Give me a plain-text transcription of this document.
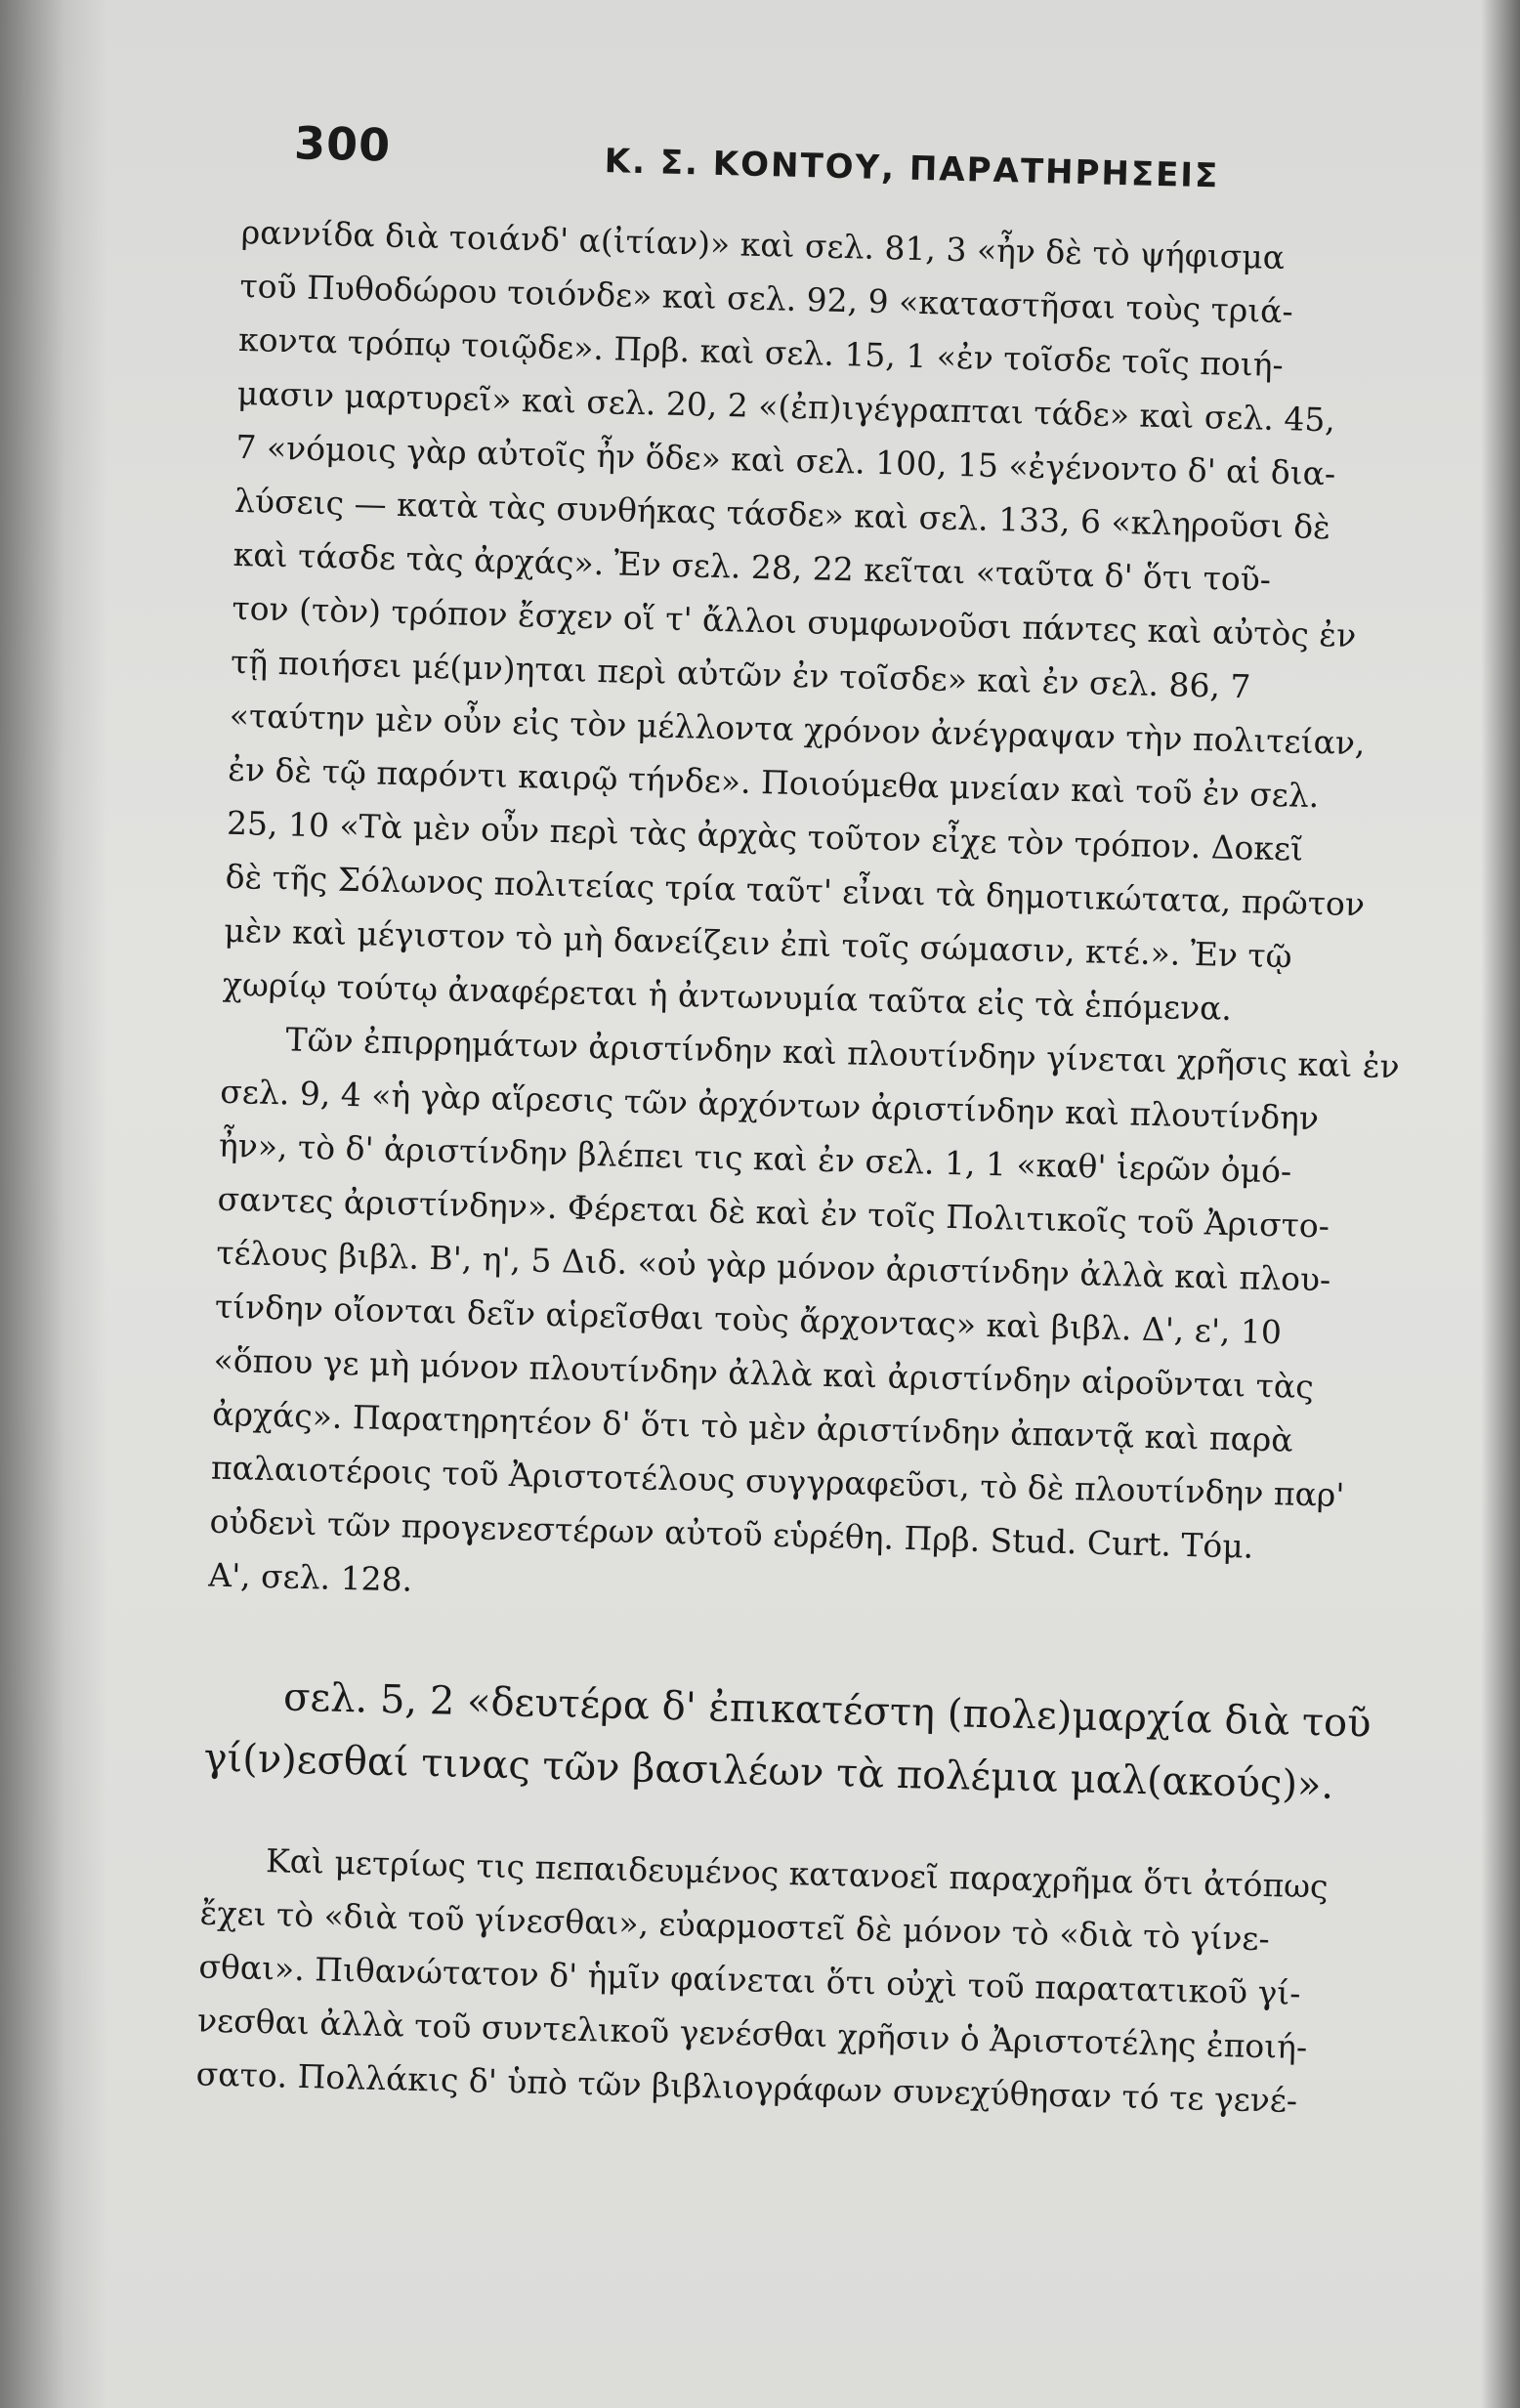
300	Κ. Σ. ΚΟΝΤΟΥ, ΠΑΡΑΤΗΡΗΣΕΙΣ

ραννίδα διὰ τοιάνδ' α(ἰτίαν)» καὶ σελ. 81, 3 «ἦν δὲ τὸ ψήφισμα
τοῦ Πυθοδώρου τοιόνδε» καὶ σελ. 92, 9 «καταστῆσαι τοὺς τριά-
κοντα τρόπῳ τοιῷδε». Πρβ. καὶ σελ. 15, 1 «ἐν τοῖσδε τοῖς ποιή-
μασιν μαρτυρεῖ» καὶ σελ. 20, 2 «(ἐπ)ιγέγραπται τάδε» καὶ σελ. 45,
7 «νόμοις γὰρ αὐτοῖς ἦν ὅδε» καὶ σελ. 100, 15 «ἐγένοντο δ' αἱ δια-
λύσεις — κατὰ τὰς συνθήκας τάσδε» καὶ σελ. 133, 6 «κληροῦσι δὲ
καὶ τάσδε τὰς ἀρχάς». Ἐν σελ. 28, 22 κεῖται «ταῦτα δ' ὅτι τοῦ-
τον (τὸν) τρόπον ἔσχεν οἵ τ' ἄλλοι συμφωνοῦσι πάντες καὶ αὐτὸς ἐν
τῇ ποιήσει μέ(μν)ηται περὶ αὐτῶν ἐν τοῖσδε» καὶ ἐν σελ. 86, 7
«ταύτην μὲν οὖν εἰς τὸν μέλλοντα χρόνον ἀνέγραψαν τὴν πολιτείαν,
ἐν δὲ τῷ παρόντι καιρῷ τήνδε». Ποιούμεθα μνείαν καὶ τοῦ ἐν σελ.
25, 10 «Τὰ μὲν οὖν περὶ τὰς ἀρχὰς τοῦτον εἶχε τὸν τρόπον. Δοκεῖ
δὲ τῆς Σόλωνος πολιτείας τρία ταῦτ' εἶναι τὰ δημοτικώτατα, πρῶτον
μὲν καὶ μέγιστον τὸ μὴ δανείζειν ἐπὶ τοῖς σώμασιν, κτέ.». Ἐν τῷ
χωρίῳ τούτῳ ἀναφέρεται ἡ ἀντωνυμία ταῦτα εἰς τὰ ἑπόμενα.
  Τῶν ἐπιρρημάτων ἀριστίνδην καὶ πλουτίνδην γίνεται χρῆσις καὶ ἐν
σελ. 9, 4 «ἡ γὰρ αἵρεσις τῶν ἀρχόντων ἀριστίνδην καὶ πλουτίνδην
ἦν», τὸ δ' ἀριστίνδην βλέπει τις καὶ ἐν σελ. 1, 1 «καθ' ἱερῶν ὀμό-
σαντες ἀριστίνδην». Φέρεται δὲ καὶ ἐν τοῖς Πολιτικοῖς τοῦ Ἀριστο-
τέλους βιβλ. Β', η', 5 Διδ. «οὐ γὰρ μόνον ἀριστίνδην ἀλλὰ καὶ πλου-
τίνδην οἴονται δεῖν αἱρεῖσθαι τοὺς ἄρχοντας» καὶ βιβλ. Δ', ε', 10
«ὅπου γε μὴ μόνον πλουτίνδην ἀλλὰ καὶ ἀριστίνδην αἱροῦνται τὰς
ἀρχάς». Παρατηρητέον δ' ὅτι τὸ μὲν ἀριστίνδην ἀπαντᾷ καὶ παρὰ
παλαιοτέροις τοῦ Ἀριστοτέλους συγγραφεῦσι, τὸ δὲ πλουτίνδην παρ'
οὐδενὶ τῶν προγενεστέρων αὐτοῦ εὑρέθη. Πρβ. Stud. Curt. Τόμ.
Α', σελ. 128.

  σελ. 5, 2 «δευτέρα δ' ἐπικατέστη (πολε)μαρχία διὰ τοῦ
γί(ν)εσθαί τινας τῶν βασιλέων τὰ πολέμια μαλ(ακούς)».

  Καὶ μετρίως τις πεπαιδευμένος κατανοεῖ παραχρῆμα ὅτι ἀτόπως
ἔχει τὸ «διὰ τοῦ γίνεσθαι», εὐαρμοστεῖ δὲ μόνον τὸ «διὰ τὸ γίνε-
σθαι». Πιθανώτατον δ' ἡμῖν φαίνεται ὅτι οὐχὶ τοῦ παρατατικοῦ γί-
νεσθαι ἀλλὰ τοῦ συντελικοῦ γενέσθαι χρῆσιν ὁ Ἀριστοτέλης ἐποιή-
σατο. Πολλάκις δ' ὑπὸ τῶν βιβλιογράφων συνεχύθησαν τό τε γενέ-
